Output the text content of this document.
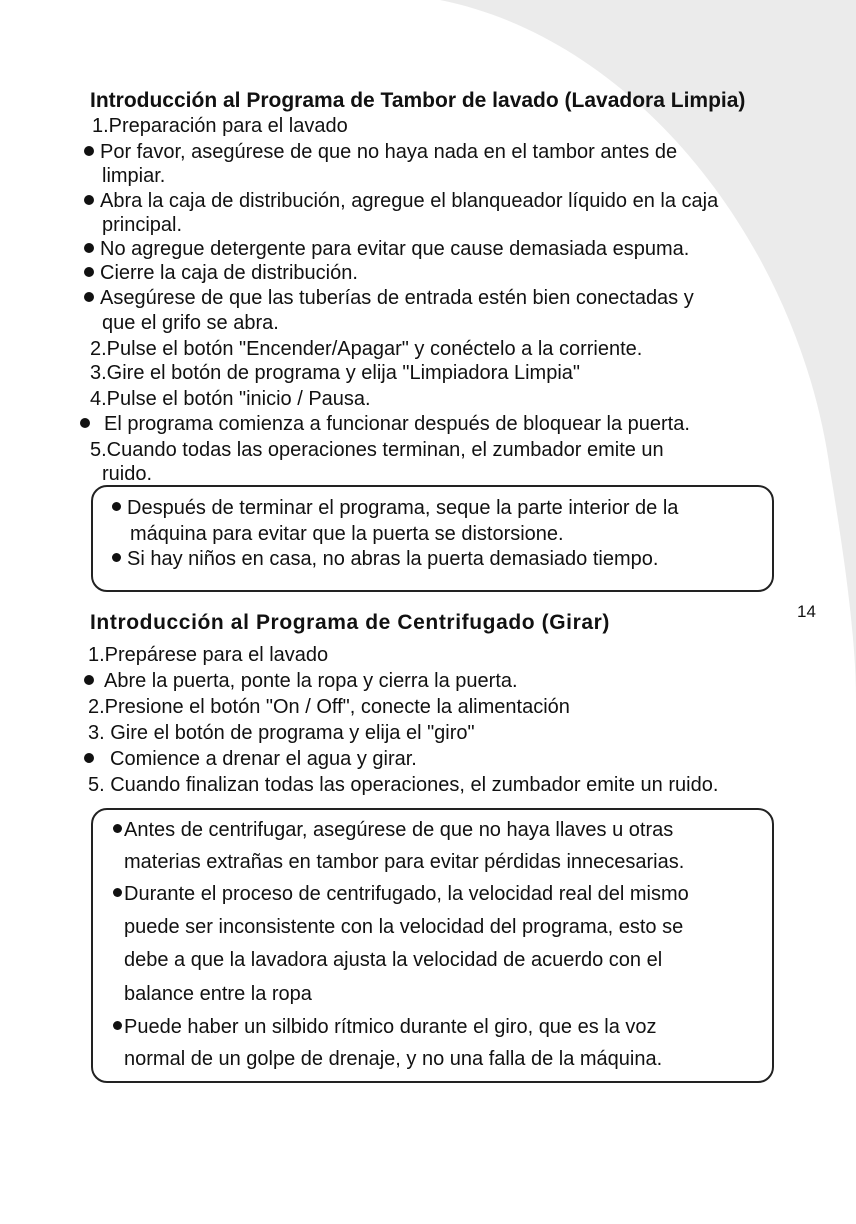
Introducción al Programa de Tambor de lavado (Lavadora Limpia)
1.Preparación para el lavado
Por favor, asegúrese de que no haya nada en el tambor antes de
limpiar.
Abra la caja de distribución, agregue el blanqueador líquido en la caja
principal.
No agregue detergente para evitar que cause demasiada espuma.
Cierre la caja de distribución.
Asegúrese de que las tuberías de entrada estén bien conectadas y
que el grifo se abra.
2.Pulse el botón "Encender/Apagar" y conéctelo a la corriente.
3.Gire el botón de programa y elija "Limpiadora Limpia"
4.Pulse el botón "inicio / Pausa.
El programa comienza a funcionar después de bloquear la puerta.
5.Cuando todas las operaciones terminan, el zumbador emite un
ruido.
Después de terminar el programa, seque la parte interior de la
máquina para evitar que la puerta se distorsione.
Si hay niños en casa, no abras la puerta demasiado tiempo.
14
Introducción al Programa de Centrifugado (Girar)
1.Prepárese para el lavado
Abre la puerta, ponte la ropa y cierra la puerta.
2.Presione el botón "On / Off", conecte la alimentación
3. Gire el botón de programa y elija el "giro"
Comience a drenar el agua y girar.
5. Cuando finalizan todas las operaciones, el zumbador emite un ruido.
Antes de centrifugar, asegúrese de que no haya llaves u otras
materias extrañas en tambor para evitar pérdidas innecesarias.
Durante el proceso de centrifugado, la velocidad real del mismo
puede ser inconsistente con la velocidad del programa, esto se
debe a que la lavadora ajusta la velocidad de acuerdo con el
balance entre la ropa
Puede haber un silbido rítmico durante el giro, que es la voz
normal de un golpe de drenaje, y no una falla de la máquina.
